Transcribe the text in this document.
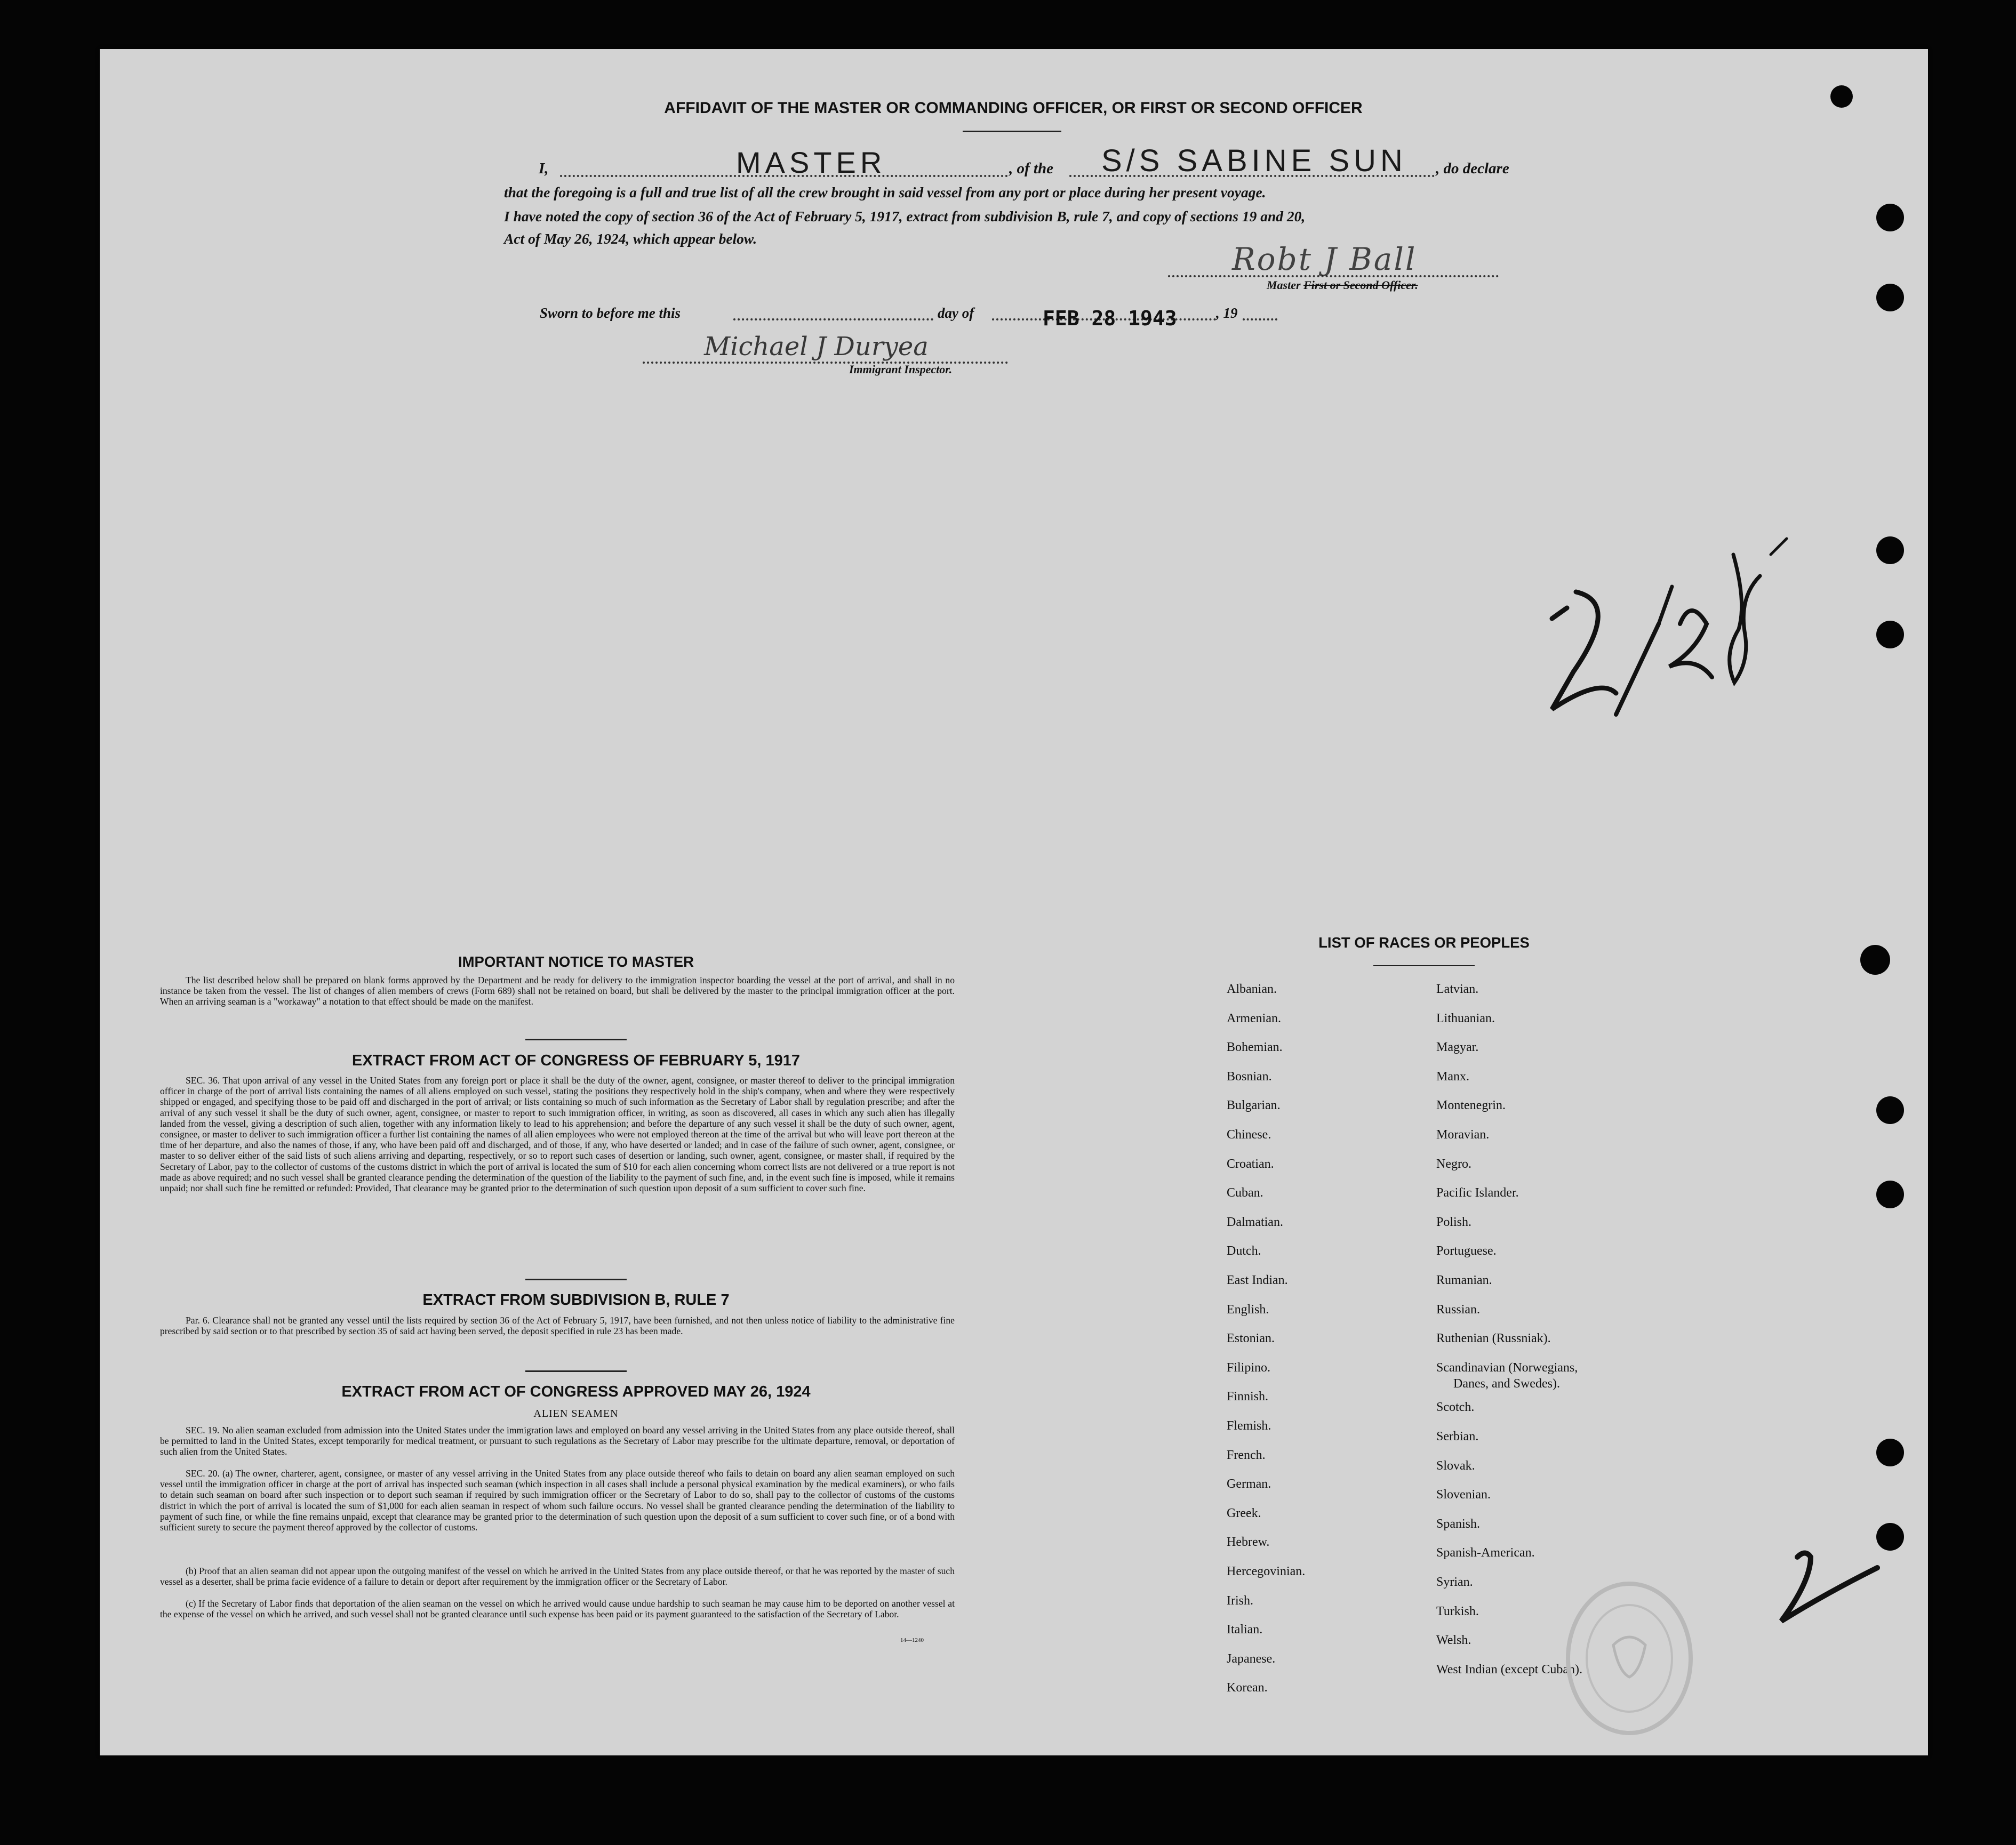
AFFIDAVIT OF THE MASTER OR COMMANDING OFFICER, OR FIRST OR SECOND OFFICER
I,	MASTER	, of the S/S SABINE SUN , do declare
that the foregoing is a full and true list of all the crew brought in said vessel from any port or place during her present voyage.
I have noted the copy of section 36 of the Act of February 5, 1917, extract from subdivision B, rule 7, and copy of sections 19 and 20,
Act of May 26, 1924, which appear below.
Robt J Ball
Master First or Second Officer.
Sworn to before me this	day of	FEB 28 1943	, 19
Michael J Duryea
Immigrant Inspector.
IMPORTANT NOTICE TO MASTER
The list described below shall be prepared on blank forms approved by the Department and be ready for delivery to the immigration inspector boarding the vessel at the port of arrival, and shall in no instance be taken from the vessel. The list of changes of alien members of crews (Form 689) shall not be retained on board, but shall be delivered by the master to the principal immigration officer at the port. When an arriving seaman is a "workaway" a notation to that effect should be made on the manifest.
EXTRACT FROM ACT OF CONGRESS OF FEBRUARY 5, 1917
SEC. 36. That upon arrival of any vessel in the United States from any foreign port or place it shall be the duty of the owner, agent, consignee, or master thereof to deliver to the principal immigration officer in charge of the port of arrival lists containing the names of all aliens employed on such vessel, stating the positions they respectively hold in the ship's company, when and where they were respectively shipped or engaged, and specifying those to be paid off and discharged in the port of arrival; or lists containing so much of such information as the Secretary of Labor shall by regulation prescribe; and after the arrival of any such vessel it shall be the duty of such owner, agent, consignee, or master to report to such immigration officer, in writing, as soon as discovered, all cases in which any such alien has illegally landed from the vessel, giving a description of such alien, together with any information likely to lead to his apprehension; and before the departure of any such vessel it shall be the duty of such owner, agent, consignee, or master to deliver to such immigration officer a further list containing the names of all alien employees who were not employed thereon at the time of the arrival but who will leave port thereon at the time of her departure, and also the names of those, if any, who have been paid off and discharged, and of those, if any, who have deserted or landed; and in case of the failure of such owner, agent, consignee, or master to so deliver either of the said lists of such aliens arriving and departing, respectively, or so to report such cases of desertion or landing, such owner, agent, consignee, or master shall, if required by the Secretary of Labor, pay to the collector of customs of the customs district in which the port of arrival is located the sum of $10 for each alien concerning whom correct lists are not delivered or a true report is not made as above required; and no such vessel shall be granted clearance pending the determination of the question of the liability to the payment of such fine, and, in the event such fine is imposed, while it remains unpaid; nor shall such fine be remitted or refunded: Provided, That clearance may be granted prior to the determination of such question upon deposit of a sum sufficient to cover such fine.
EXTRACT FROM SUBDIVISION B, RULE 7
Par. 6. Clearance shall not be granted any vessel until the lists required by section 36 of the Act of February 5, 1917, have been furnished, and not then unless notice of liability to the administrative fine prescribed by said section or to that prescribed by section 35 of said act having been served, the deposit specified in rule 23 has been made.
EXTRACT FROM ACT OF CONGRESS APPROVED MAY 26, 1924
ALIEN SEAMEN
SEC. 19. No alien seaman excluded from admission into the United States under the immigration laws and employed on board any vessel arriving in the United States from any place outside thereof, shall be permitted to land in the United States, except temporarily for medical treatment, or pursuant to such regulations as the Secretary of Labor may prescribe for the ultimate departure, removal, or deportation of such alien from the United States.
SEC. 20. (a) The owner, charterer, agent, consignee, or master of any vessel arriving in the United States from any place outside thereof who fails to detain on board any alien seaman employed on such vessel until the immigration officer in charge at the port of arrival has inspected such seaman (which inspection in all cases shall include a personal physical examination by the medical examiners), or who fails to detain such seaman on board after such inspection or to deport such seaman if required by such immigration officer or the Secretary of Labor to do so, shall pay to the collector of customs of the customs district in which the port of arrival is located the sum of $1,000 for each alien seaman in respect of whom such failure occurs. No vessel shall be granted clearance pending the determination of the liability to payment of such fine, or while the fine remains unpaid, except that clearance may be granted prior to the determination of such question upon the deposit of a sum sufficient to cover such fine, or of a bond with sufficient surety to secure the payment thereof approved by the collector of customs.
(b) Proof that an alien seaman did not appear upon the outgoing manifest of the vessel on which he arrived in the United States from any place outside thereof, or that he was reported by the master of such vessel as a deserter, shall be prima facie evidence of a failure to detain or deport after requirement by the immigration officer or the Secretary of Labor.
(c) If the Secretary of Labor finds that deportation of the alien seaman on the vessel on which he arrived would cause undue hardship to such seaman he may cause him to be deported on another vessel at the expense of the vessel on which he arrived, and such vessel shall not be granted clearance until such expense has been paid or its payment guaranteed to the satisfaction of the Secretary of Labor.
14—1240
LIST OF RACES OR PEOPLES
Albanian.
Armenian.
Bohemian.
Bosnian.
Bulgarian.
Chinese.
Croatian.
Cuban.
Dalmatian.
Dutch.
East Indian.
English.
Estonian.
Filipino.
Finnish.
Flemish.
French.
German.
Greek.
Hebrew.
Hercegovinian.
Irish.
Italian.
Japanese.
Korean.
Latvian.
Lithuanian.
Magyar.
Manx.
Montenegrin.
Moravian.
Negro.
Pacific Islander.
Polish.
Portuguese.
Rumanian.
Russian.
Ruthenian (Russniak).
Scandinavian (Norwegians,
Danes, and Swedes).
Scotch.
Serbian.
Slovak.
Slovenian.
Spanish.
Spanish-American.
Syrian.
Turkish.
Welsh.
West Indian (except Cuban).
